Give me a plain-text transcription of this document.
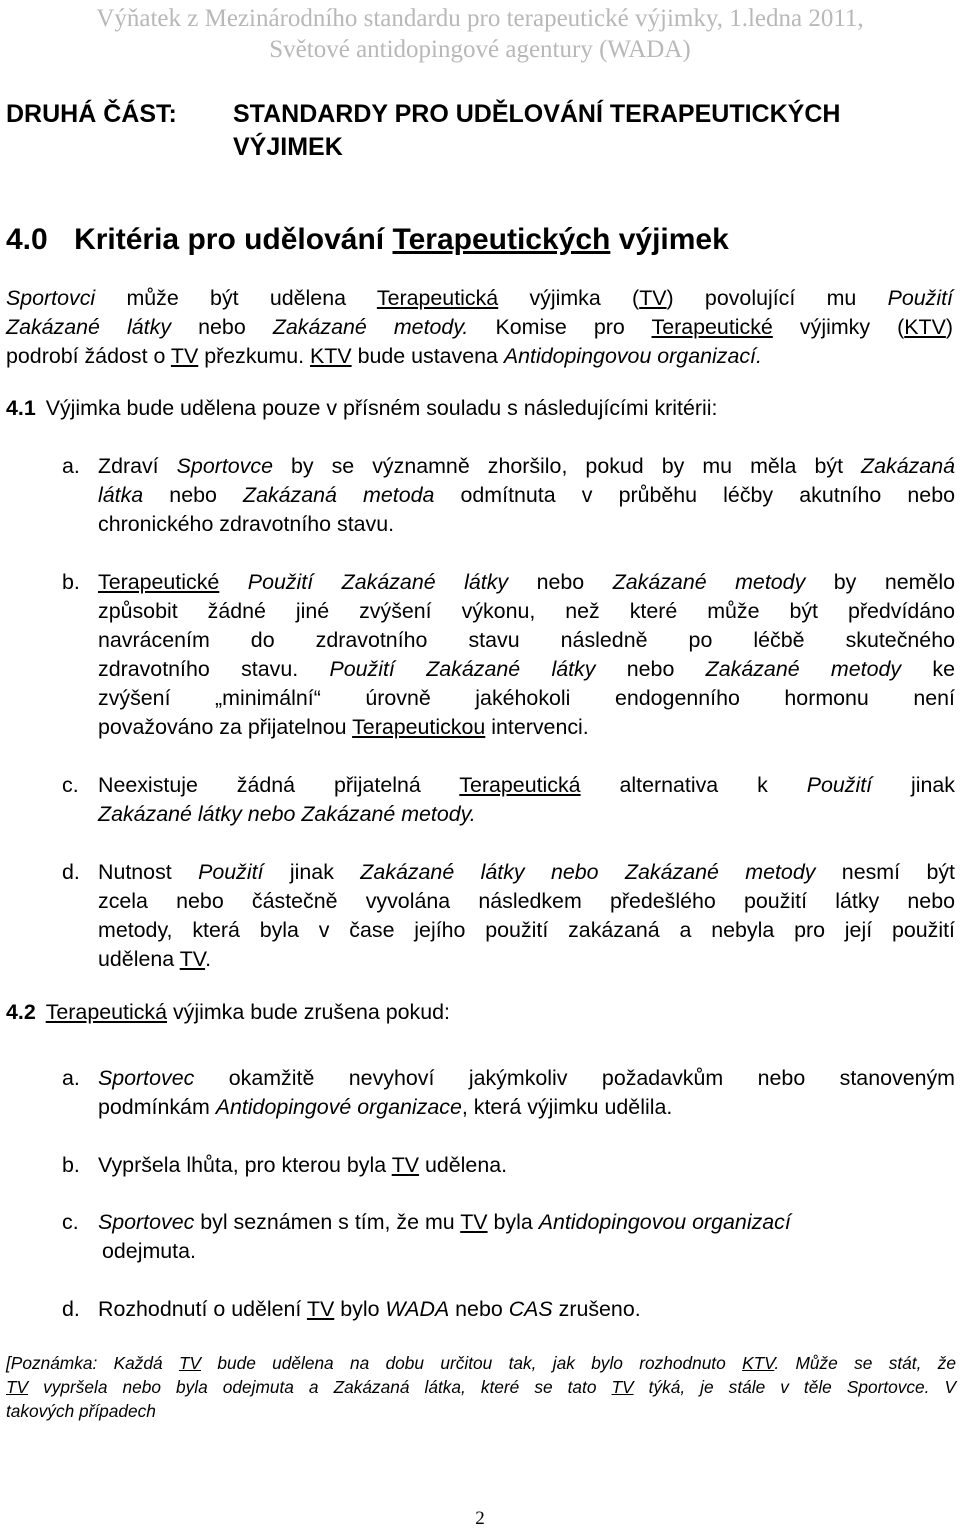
Výňatek z Mezinárodního standardu pro terapeutické výjimky, 1.ledna 2011,
Světové antidopingové agentury (WADA)
DRUHÁ ČÁST: STANDARDY PRO UDĚLOVÁNÍ TERAPEUTICKÝCH
VÝJIMEK
4.0 Kritéria pro udělování Terapeutických výjimek
Sportovci může být udělena Terapeutická výjimka (TV) povolující mu Použití
Zakázané látky nebo Zakázané metody. Komise pro Terapeutické výjimky (KTV)
podrobí žádost o TV přezkumu. KTV bude ustavena Antidopingovou organizací.
4.1 Výjimka bude udělena pouze v přísném souladu s následujícími kritérii:
a. Zdraví Sportovce by se významně zhoršilo, pokud by mu měla být Zakázaná
látka nebo Zakázaná metoda odmítnuta v průběhu léčby akutního nebo
chronického zdravotního stavu.
b. Terapeutické Použití Zakázané látky nebo Zakázané metody by nemělo
způsobit žádné jiné zvýšení výkonu, než které může být předvídáno
navrácením do zdravotního stavu následně po léčbě skutečného
zdravotního stavu. Použití Zakázané látky nebo Zakázané metody ke
zvýšení „minimální“ úrovně jakéhokoli endogenního hormonu není
považováno za přijatelnou Terapeutickou intervenci.
c. Neexistuje žádná přijatelná Terapeutická alternativa k Použití jinak
Zakázané látky nebo Zakázané metody.
d. Nutnost Použití jinak Zakázané látky nebo Zakázané metody nesmí být
zcela nebo částečně vyvolána následkem předešlého použití látky nebo
metody, která byla v čase jejího použití zakázaná a nebyla pro její použití
udělena TV.
4.2 Terapeutická výjimka bude zrušena pokud:
a. Sportovec okamžitě nevyhoví jakýmkoliv požadavkům nebo stanoveným
podmínkám Antidopingové organizace, která výjimku udělila.
b. Vypršela lhůta, pro kterou byla TV udělena.
c. Sportovec byl seznámen s tím, že mu TV byla Antidopingovou organizací
odejmuta.
d. Rozhodnutí o udělení TV bylo WADA nebo CAS zrušeno.
[Poznámka: Každá TV bude udělena na dobu určitou tak, jak bylo rozhodnuto KTV. Může se stát, že
TV vypršela nebo byla odejmuta a Zakázaná látka, které se tato TV týká, je stále v těle Sportovce. V
takových případech
2
